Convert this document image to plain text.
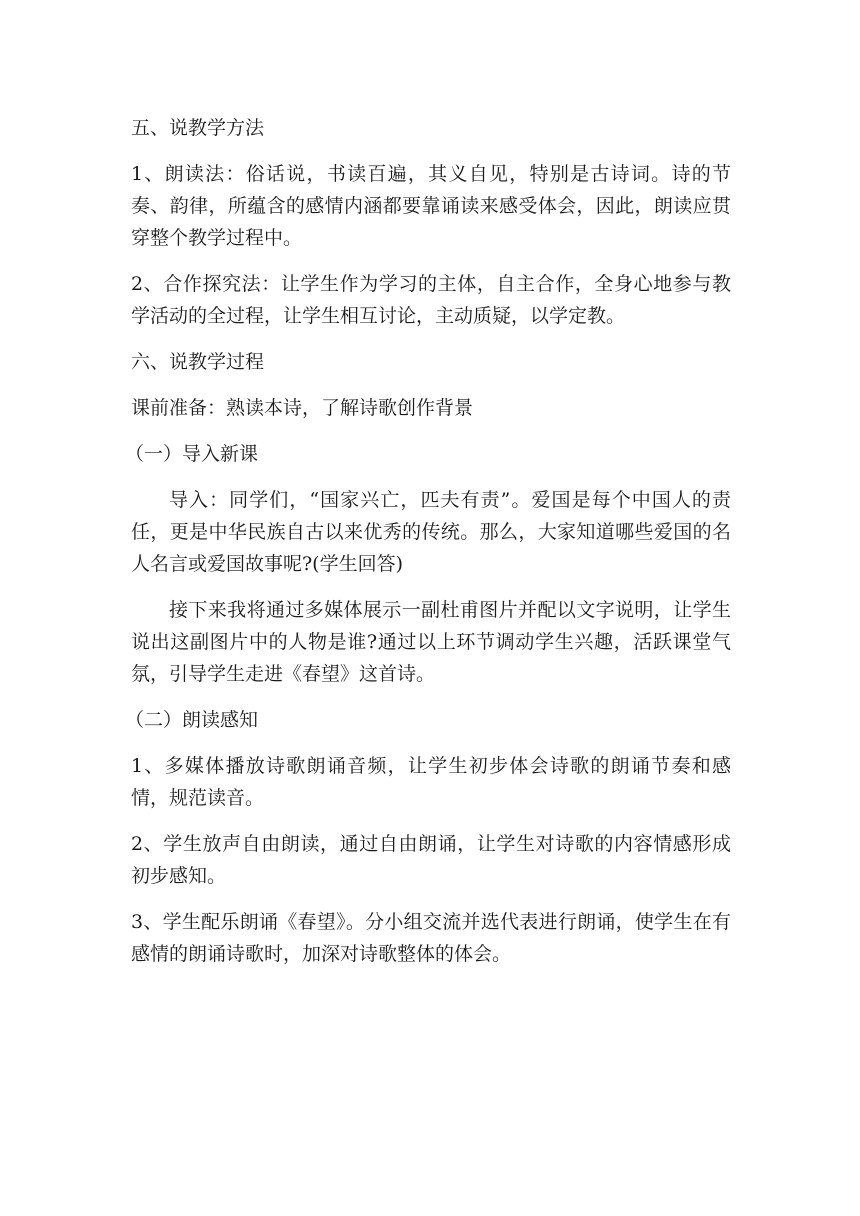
五、说教学方法

1、朗读法：俗话说，书读百遍，其义自见，特别是古诗词。诗的节奏、韵律，所蕴含的感情内涵都要靠诵读来感受体会，因此，朗读应贯穿整个教学过程中。

2、合作探究法：让学生作为学习的主体，自主合作，全身心地参与教学活动的全过程，让学生相互讨论，主动质疑，以学定教。

六、说教学过程

课前准备：熟读本诗，了解诗歌创作背景

（一）导入新课

导入：同学们，“国家兴亡，匹夫有责”。爱国是每个中国人的责任，更是中华民族自古以来优秀的传统。那么，大家知道哪些爱国的名人名言或爱国故事呢?(学生回答)

接下来我将通过多媒体展示一副杜甫图片并配以文字说明，让学生说出这副图片中的人物是谁?通过以上环节调动学生兴趣，活跃课堂气氛，引导学生走进《春望》这首诗。

（二）朗读感知

1、多媒体播放诗歌朗诵音频，让学生初步体会诗歌的朗诵节奏和感情，规范读音。

2、学生放声自由朗读，通过自由朗诵，让学生对诗歌的内容情感形成初步感知。

3、学生配乐朗诵《春望》。分小组交流并选代表进行朗诵，使学生在有感情的朗诵诗歌时，加深对诗歌整体的体会。
